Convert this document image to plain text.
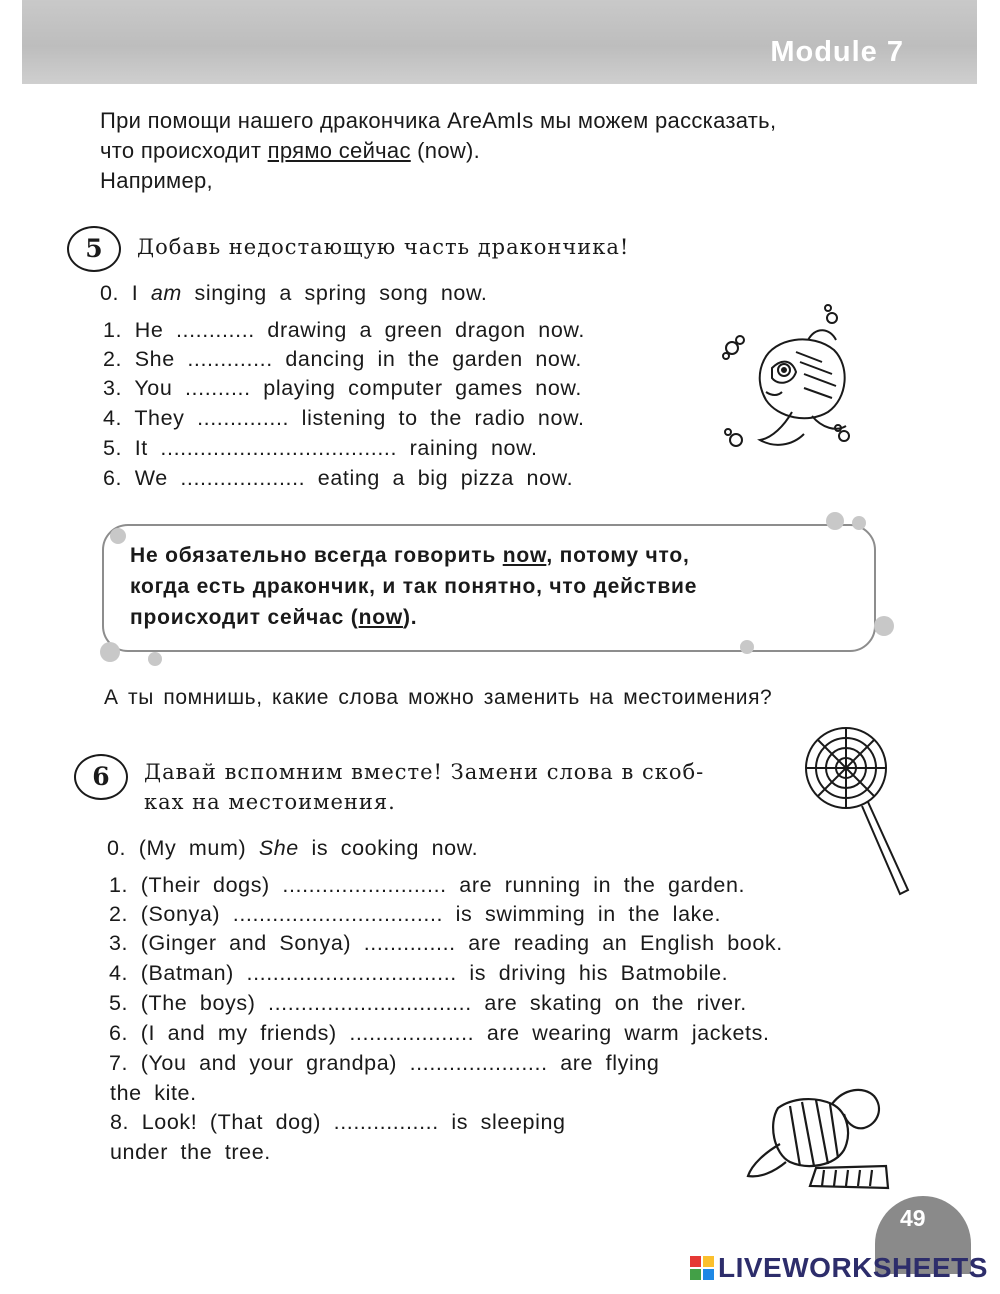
Module 7
При помощи нашего дракончика AreAmIs мы можем рассказать,
что происходит прямо сейчас (now).
Например,
5	Добавь недостающую часть дракончика!
0. I am singing a spring song now.
1. He ............ drawing a green dragon now.
2. She ............. dancing in the garden now.
3. You .......... playing computer games now.
4. They .............. listening to the radio now.
5. It .................................... raining now.
6. We ................... eating a big pizza now.
Не обязательно всегда говорить now, потому что,
когда есть дракончик, и так понятно, что действие
происходит сейчас (now).
А ты помнишь, какие слова можно заменить на местоимения?
6	Давай вспомним вместе! Замени слова в скоб-
ках на местоимения.
0. (My mum) She is cooking now.
1. (Their dogs) ......................... are running in the garden.
2. (Sonya) ................................ is swimming in the lake.
3. (Ginger and Sonya) .............. are reading an English book.
4. (Batman) ................................ is driving his Batmobile.
5. (The boys) ............................... are skating on the river.
6. (I and my friends) ................... are wearing warm jackets.
7. (You and your grandpa) ..................... are flying
the kite.
8. Look! (That dog) ................ is sleeping
under the tree.
49
LIVEWORKSHEETS
